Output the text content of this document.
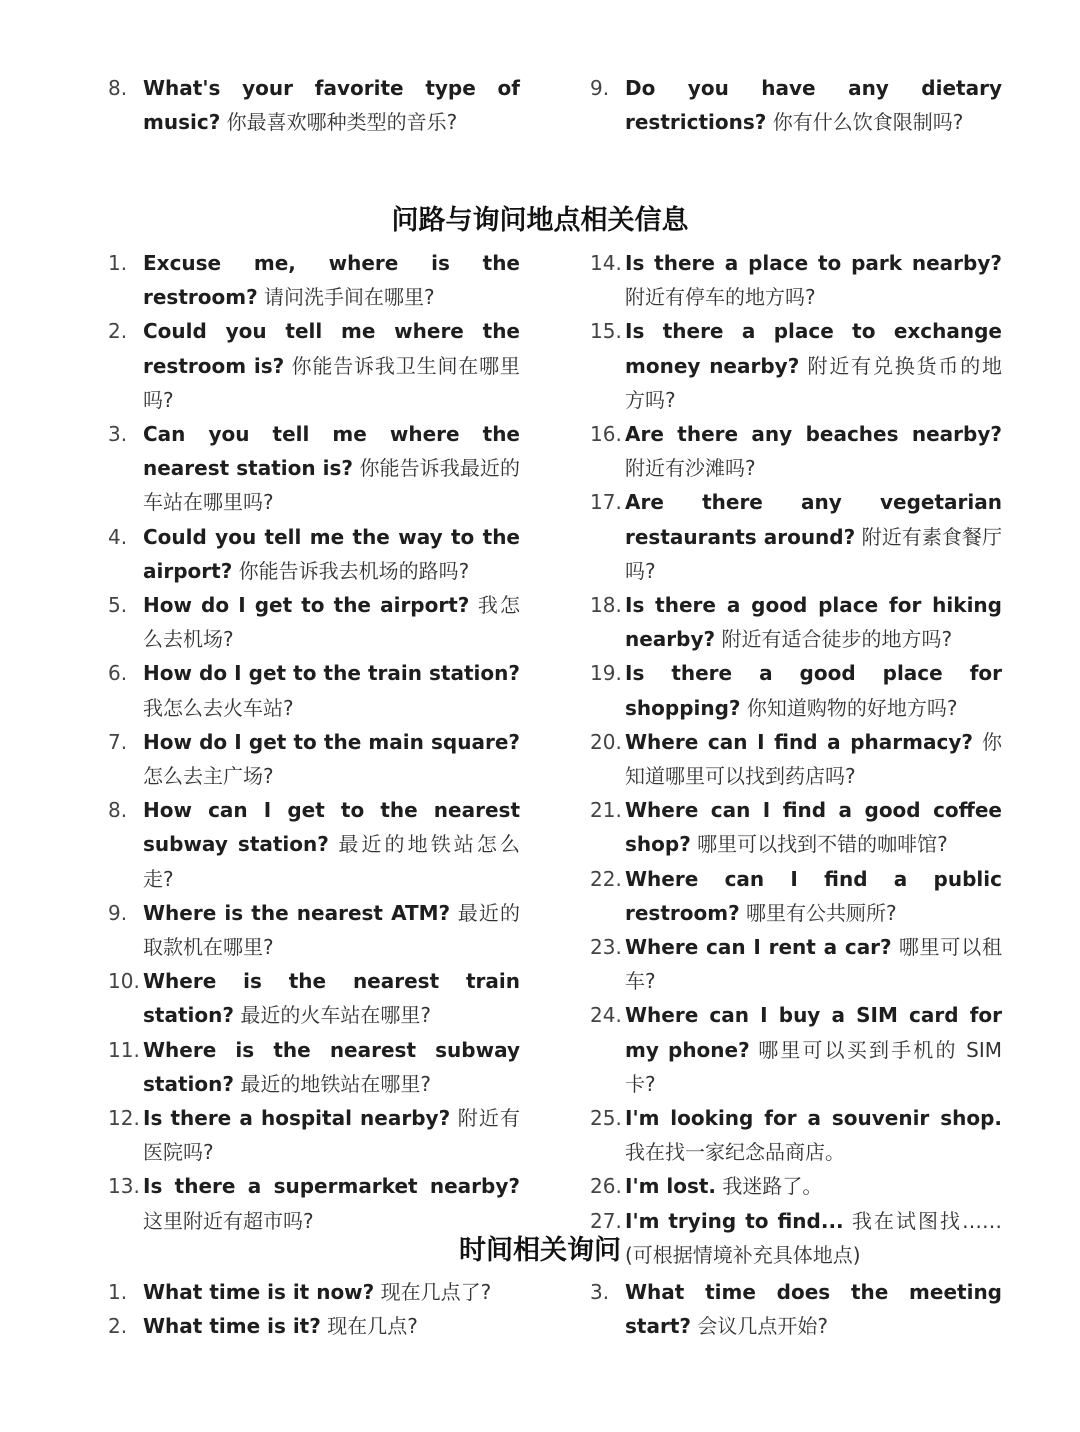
8. What's your favorite type of music? 你最喜欢哪种类型的音乐?
9. Do you have any dietary restrictions? 你有什么饮食限制吗?
问路与询问地点相关信息
1. Excuse me, where is the restroom? 请问洗手间在哪里?
2. Could you tell me where the restroom is? 你能告诉我卫生间在哪里吗?
3. Can you tell me where the nearest station is? 你能告诉我最近的车站在哪里吗?
4. Could you tell me the way to the airport? 你能告诉我去机场的路吗?
5. How do I get to the airport? 我怎么去机场?
6. How do I get to the train station? 我怎么去火车站?
7. How do I get to the main square? 怎么去主广场?
8. How can I get to the nearest subway station? 最近的地铁站怎么走?
9. Where is the nearest ATM? 最近的取款机在哪里?
10. Where is the nearest train station? 最近的火车站在哪里?
11. Where is the nearest subway station? 最近的地铁站在哪里?
12. Is there a hospital nearby? 附近有医院吗?
13. Is there a supermarket nearby? 这里附近有超市吗?
14. Is there a place to park nearby? 附近有停车的地方吗?
15. Is there a place to exchange money nearby? 附近有兑换货币的地方吗?
16. Are there any beaches nearby? 附近有沙滩吗?
17. Are there any vegetarian restaurants around? 附近有素食餐厅吗?
18. Is there a good place for hiking nearby? 附近有适合徒步的地方吗?
19. Is there a good place for shopping? 你知道购物的好地方吗?
20. Where can I find a pharmacy? 你知道哪里可以找到药店吗?
21. Where can I find a good coffee shop? 哪里可以找到不错的咖啡馆?
22. Where can I find a public restroom? 哪里有公共厕所?
23. Where can I rent a car? 哪里可以租车?
24. Where can I buy a SIM card for my phone? 哪里可以买到手机的 SIM 卡?
25. I'm looking for a souvenir shop. 我在找一家纪念品商店。
26. I'm lost. 我迷路了。
27. I'm trying to find... 我在试图找……(可根据情境补充具体地点)
时间相关询问
1. What time is it now? 现在几点了?
2. What time is it? 现在几点?
3. What time does the meeting start? 会议几点开始?
